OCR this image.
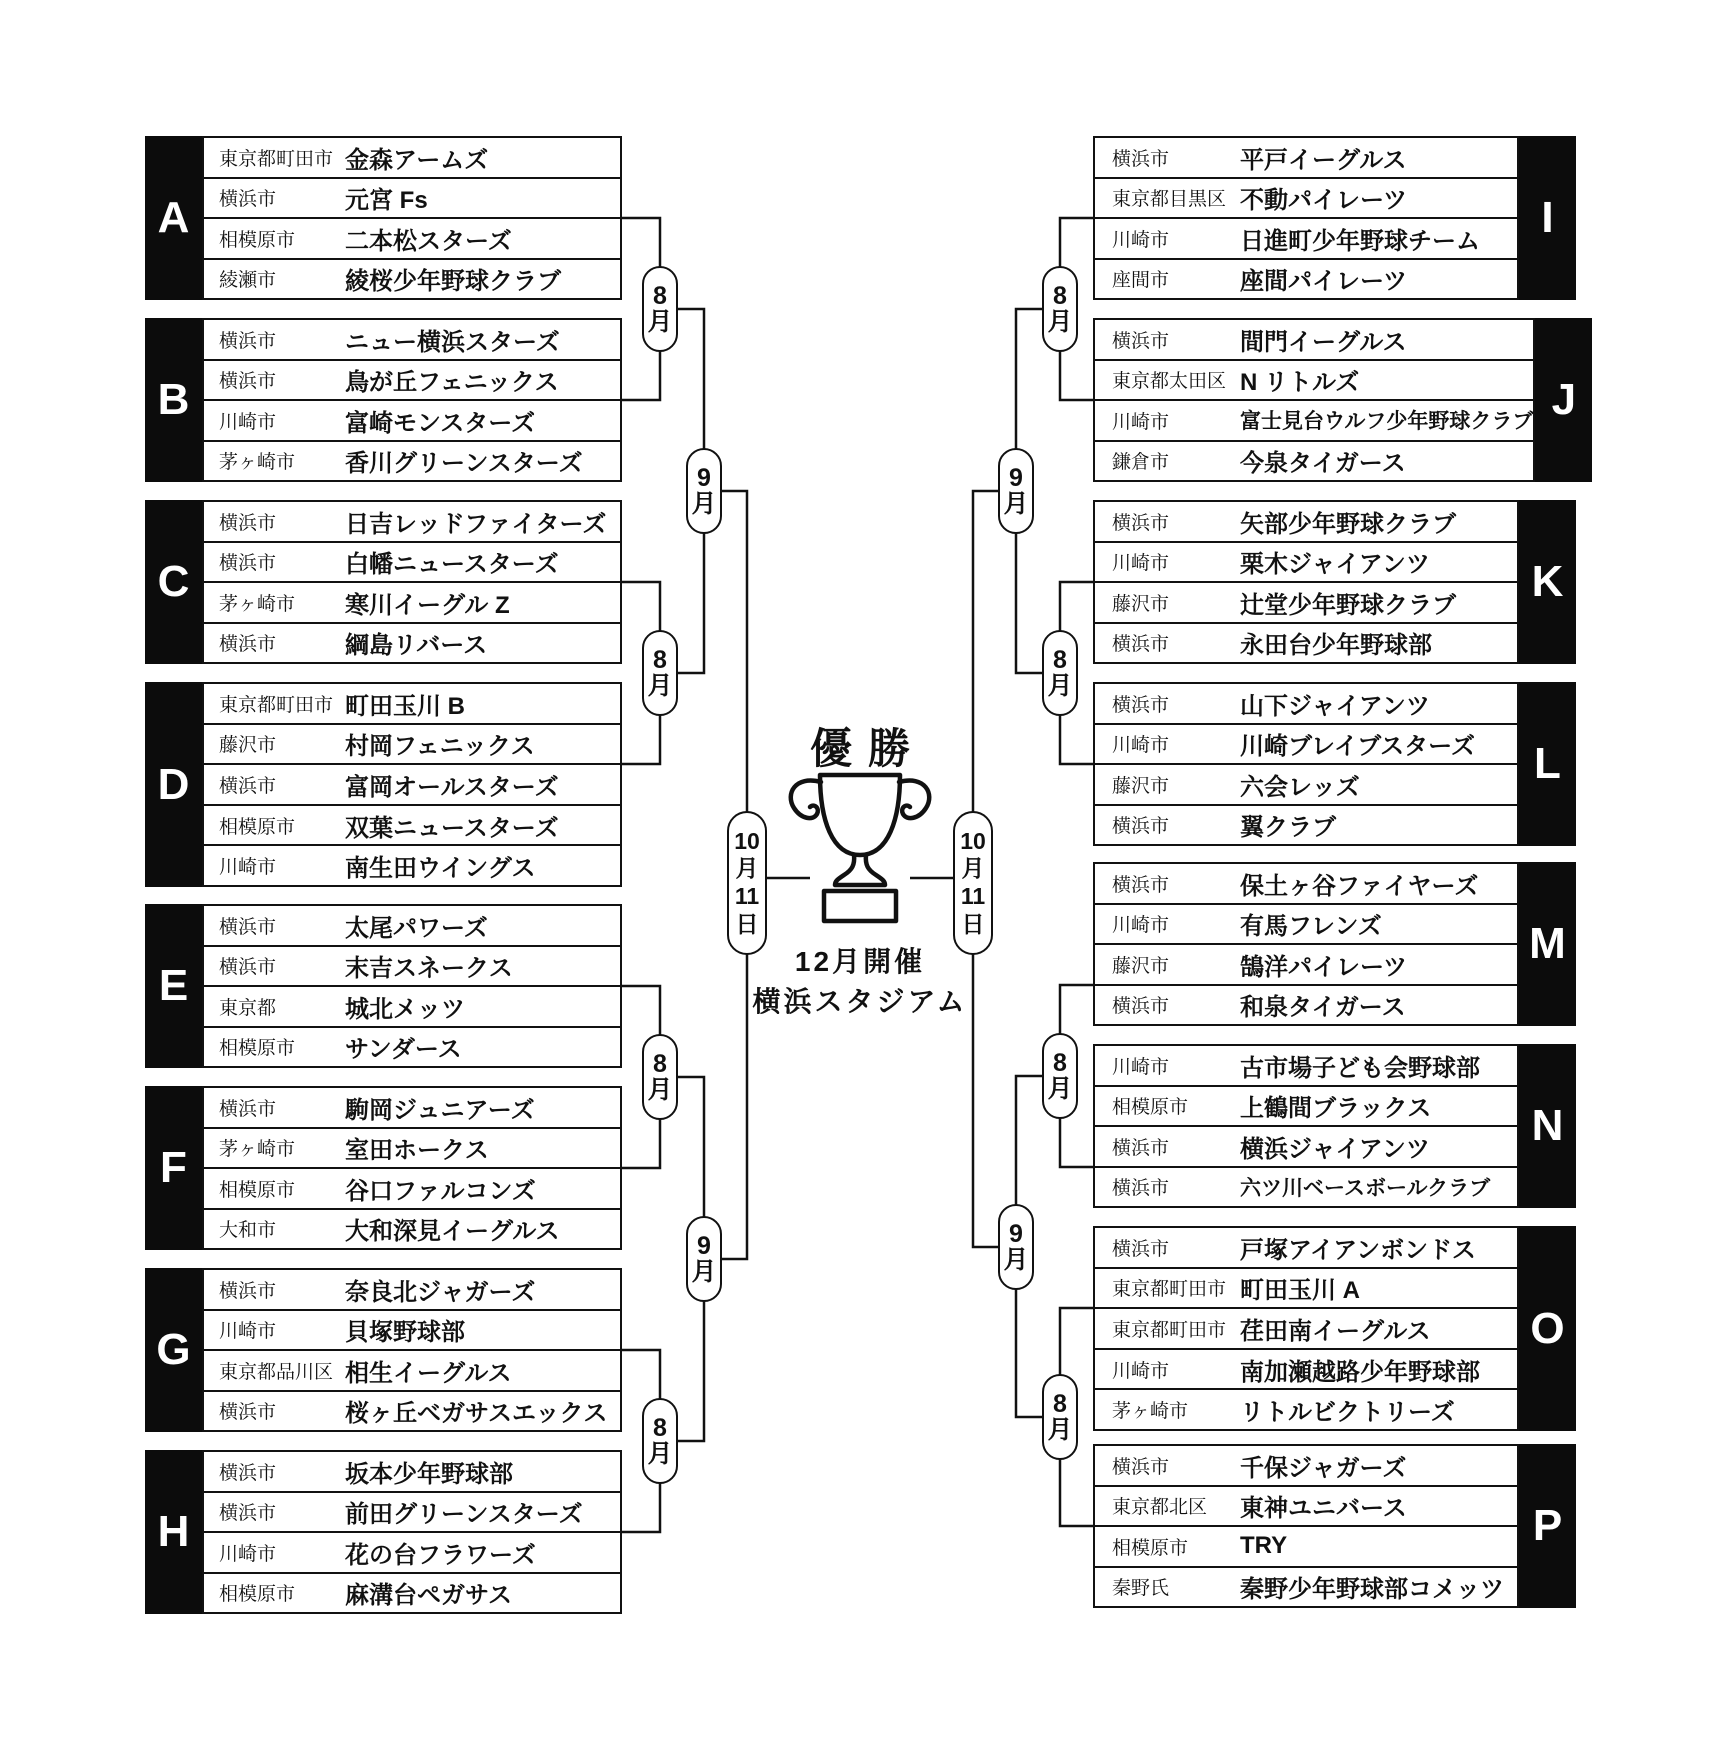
A
東京都町田市 金森アームズ
横浜市	元宮 Fs
相模原市	二本松スターズ
綾瀬市	綾桜少年野球クラブ
B
横浜市	ニュー横浜スターズ
横浜市	鳥が丘フェニックス
川崎市	富崎モンスターズ
茅ヶ崎市	香川グリーンスターズ
C
横浜市	日吉レッドファイターズ
横浜市	白幡ニュースターズ
茅ヶ崎市	寒川イーグル Z
横浜市	綱島リバース
D
東京都町田市 町田玉川 B
藤沢市	村岡フェニックス
横浜市	富岡オールスターズ
相模原市	双葉ニュースターズ
川崎市	南生田ウイングス
E
横浜市	太尾パワーズ
横浜市	末吉スネークス
東京都	城北メッツ
相模原市	サンダース
F
横浜市	駒岡ジュニアーズ
茅ヶ崎市	室田ホークス
相模原市	谷口ファルコンズ
大和市	大和深見イーグルス
G
横浜市	奈良北ジャガーズ
川崎市	貝塚野球部
東京都品川区 相生イーグルス
横浜市	桜ヶ丘ベガサスエックス
H
横浜市	坂本少年野球部
横浜市	前田グリーンスターズ
川崎市	花の台フラワーズ
相模原市	麻溝台ペガサス
横浜市	平戸イーグルス
東京都目黒区 不動パイレーツ
川崎市	日進町少年野球チーム
座間市	座間パイレーツ
I
横浜市	間門イーグルス
東京都太田区 N リトルズ
川崎市	富士見台ウルフ少年野球クラブ
鎌倉市	今泉タイガース
J
横浜市	矢部少年野球クラブ
川崎市	栗木ジャイアンツ
藤沢市	辻堂少年野球クラブ
横浜市	永田台少年野球部
K
横浜市	山下ジャイアンツ
川崎市	川崎ブレイブスターズ
藤沢市	六会レッズ
横浜市	翼クラブ
L
横浜市	保土ヶ谷ファイヤーズ
川崎市	有馬フレンズ
藤沢市	鵠洋パイレーツ
横浜市	和泉タイガース
M
川崎市	古市場子ども会野球部
相模原市	上鶴間ブラックス
横浜市	横浜ジャイアンツ
横浜市	六ツ川ベースボールクラブ
N
横浜市	戸塚アイアンボンドス
東京都町田市 町田玉川 A
東京都町田市 荏田南イーグルス
川崎市	南加瀬越路少年野球部
茅ヶ崎市	リトルビクトリーズ
O
横浜市	千保ジャガーズ
東京都北区	東神ユニバース
相模原市	TRY
秦野氏	秦野少年野球部コメッツ
P
8
月
8
月
8
月
8
月
9
月
9
月
10
月
11
日
8
月
8
月
8
月
8
月
9
月
9
月
10
月
11
日
優勝
12月開催
横浜スタジアム
